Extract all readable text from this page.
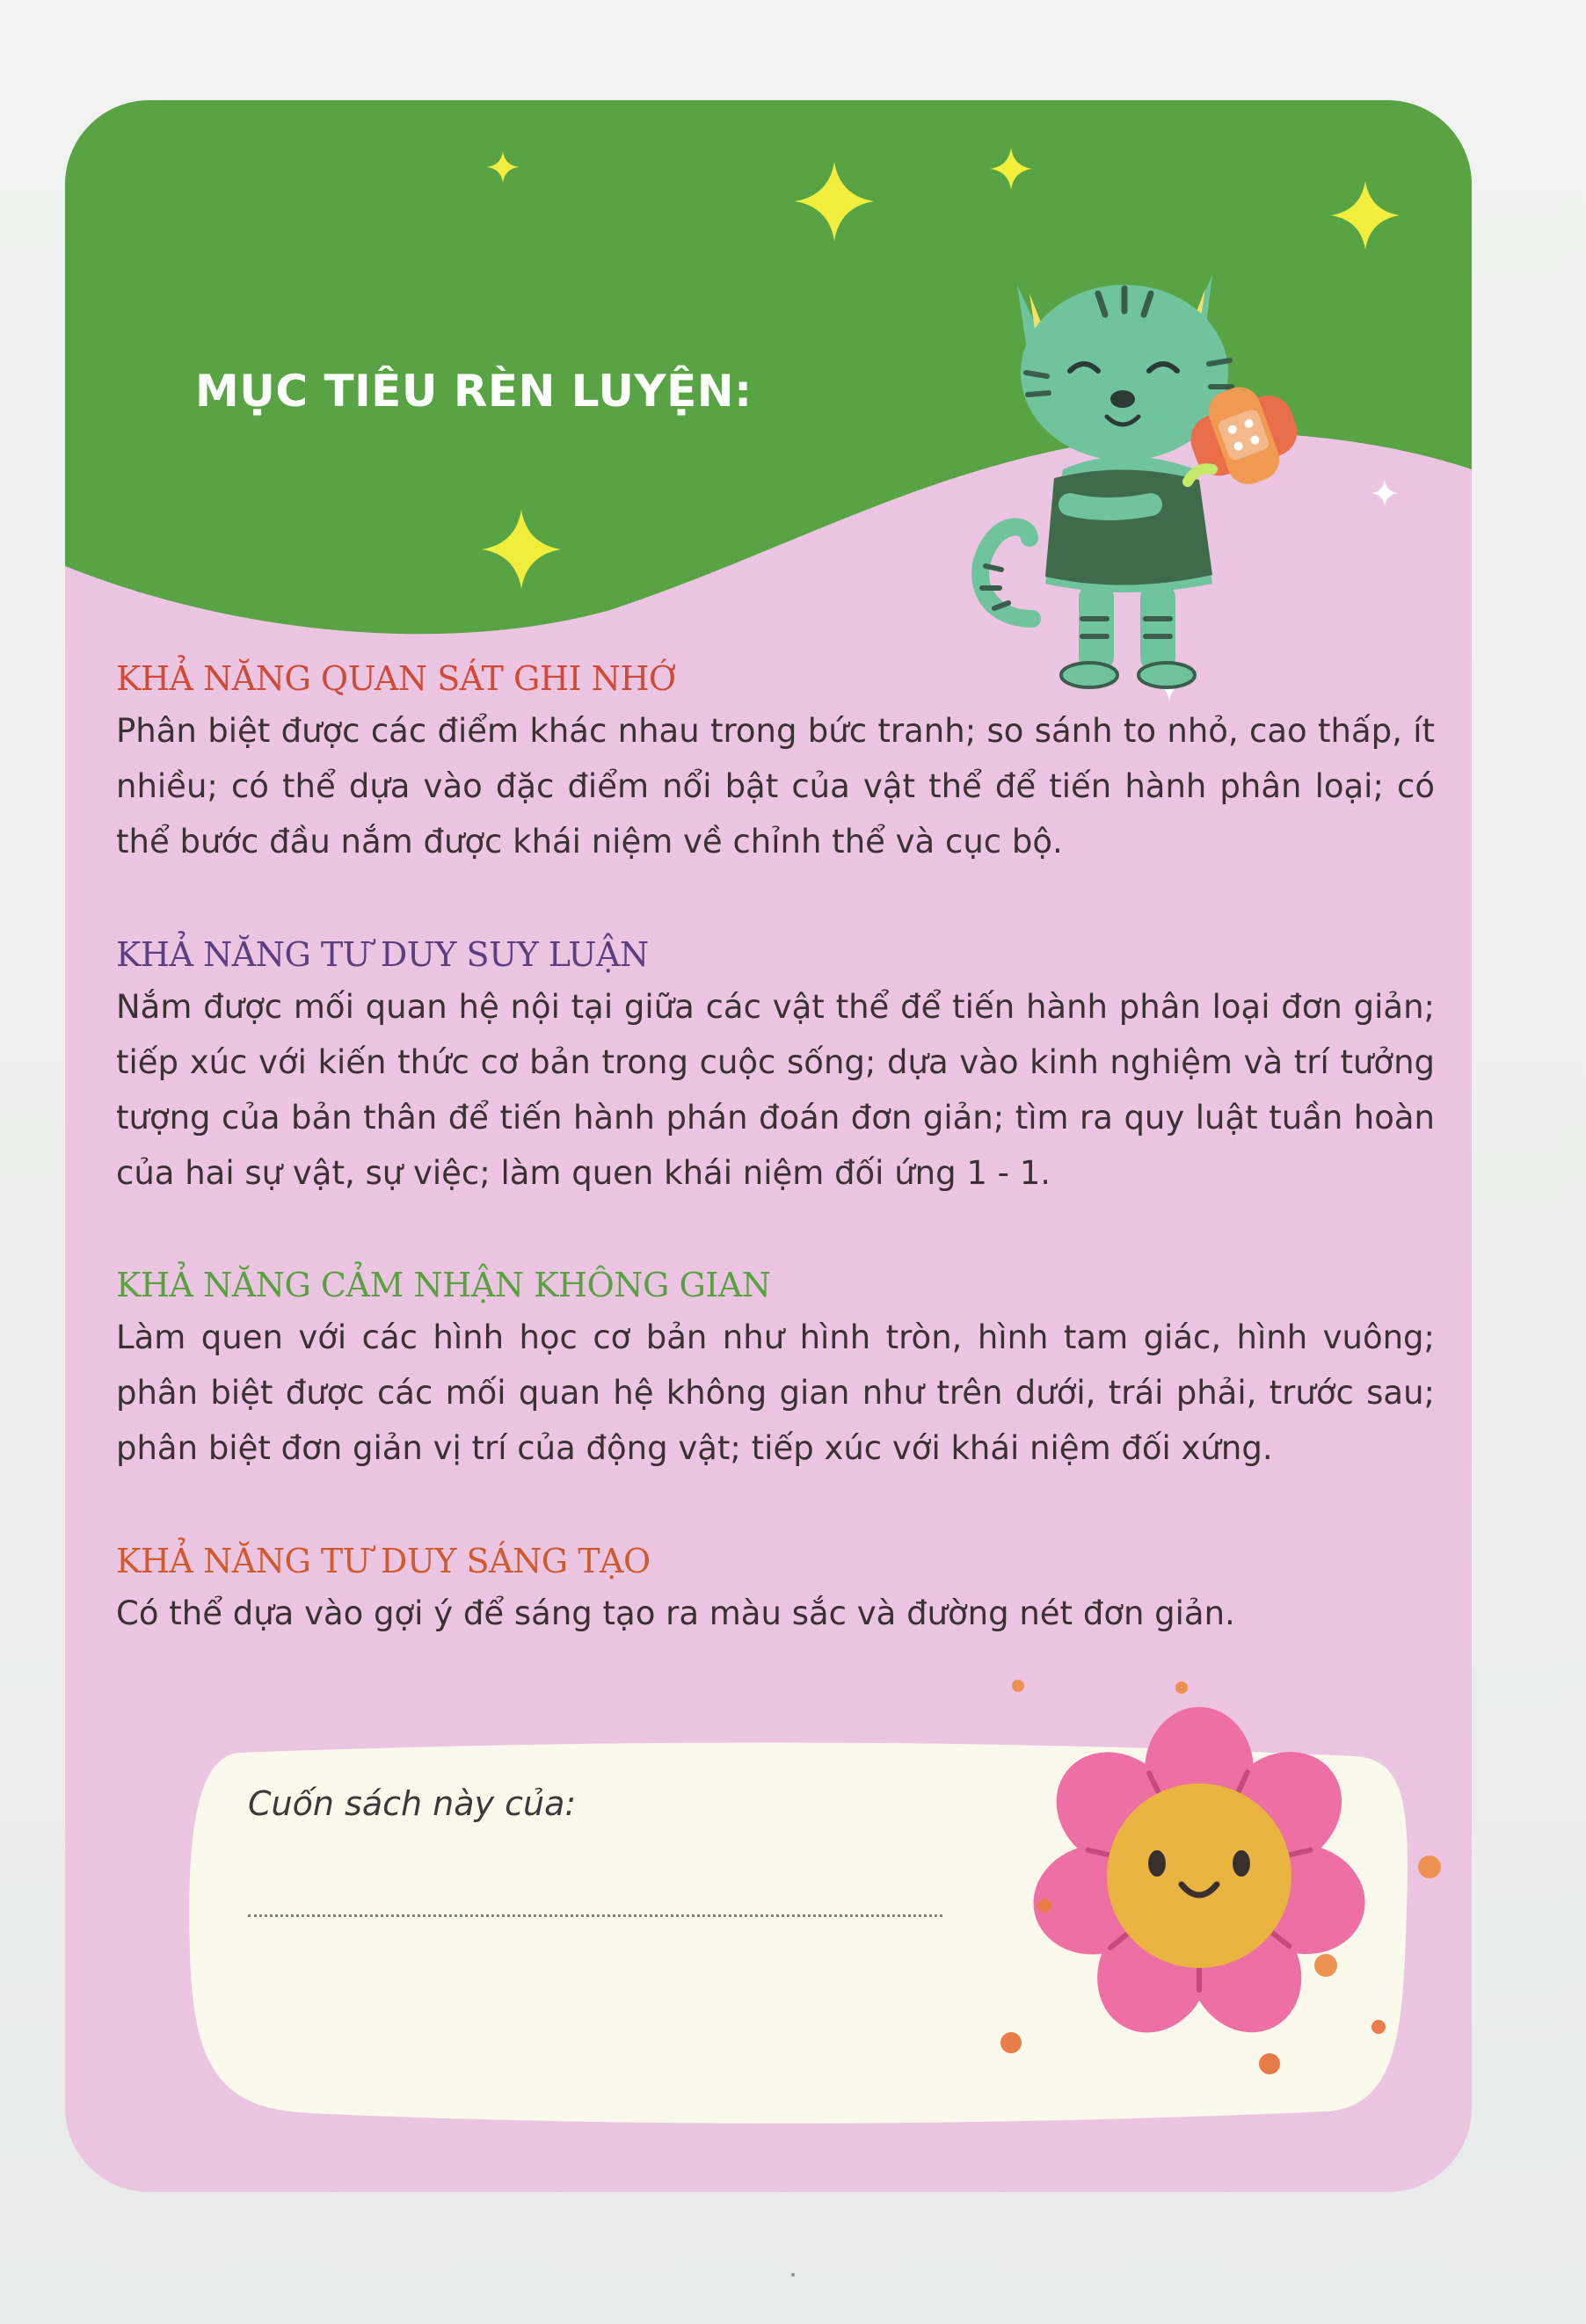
MỤC TIÊU RÈN LUYỆN:
KHẢ NĂNG QUAN SÁT GHI NHỚ

Phân biệt được các điểm khác nhau trong bức tranh; so sánh to nhỏ, cao thấp, ít nhiều; có thể dựa vào đặc điểm nổi bật của vật thể để tiến hành phân loại; có thể bước đầu nắm được khái niệm về chỉnh thể và cục bộ.

KHẢ NĂNG TƯ DUY SUY LUẬN

Nắm được mối quan hệ nội tại giữa các vật thể để tiến hành phân loại đơn giản; tiếp xúc với kiến thức cơ bản trong cuộc sống; dựa vào kinh nghiệm và trí tưởng tượng của bản thân để tiến hành phán đoán đơn giản; tìm ra quy luật tuần hoàn của hai sự vật, sự việc; làm quen khái niệm đối ứng 1 - 1.

KHẢ NĂNG CẢM NHẬN KHÔNG GIAN

Làm quen với các hình học cơ bản như hình tròn, hình tam giác, hình vuông; phân biệt được các mối quan hệ không gian như trên dưới, trái phải, trước sau; phân biệt đơn giản vị trí của động vật; tiếp xúc với khái niệm đối xứng.

KHẢ NĂNG TƯ DUY SÁNG TẠO

Có thể dựa vào gợi ý để sáng tạo ra màu sắc và đường nét đơn giản.

Cuốn sách này của:
